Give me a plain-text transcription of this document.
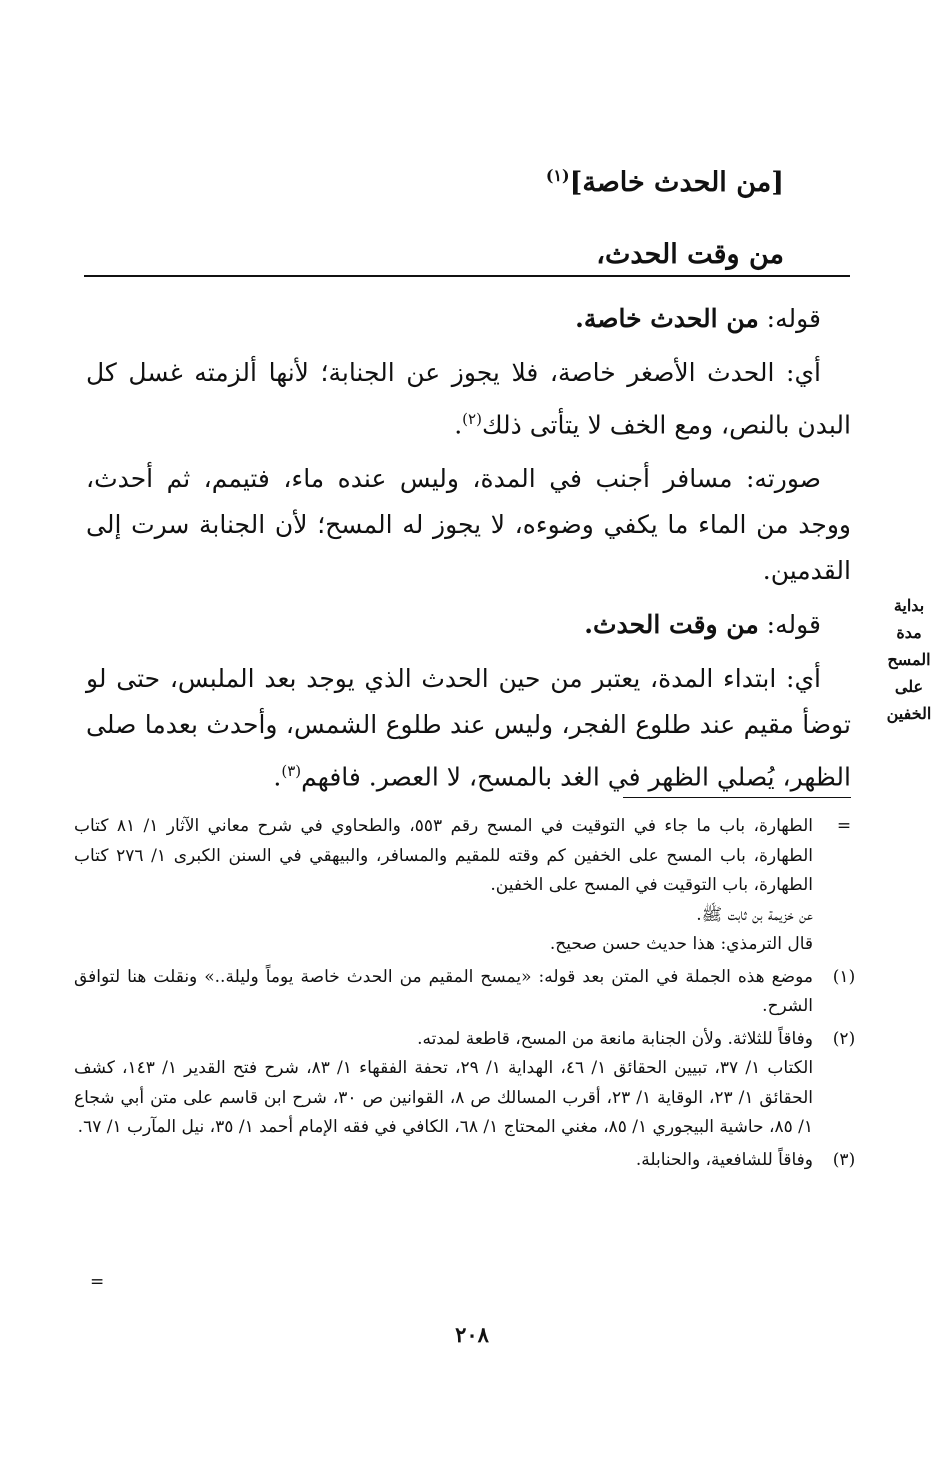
[من الحدث خاصة]$^{(١)}$
من وقت الحدث،

قوله: من الحدث خاصة.

أي: الحدث الأصغر خاصة، فلا يجوز عن الجنابة؛ لأنها ألزمته غسل كل البدن بالنص، ومع الخف لا يتأتى ذلك$^{(٢)}$.

صورته: مسافر أجنب في المدة، وليس عنده ماء، فتيمم، ثم أحدث، ووجد من الماء ما يكفي وضوءه، لا يجوز له المسح؛ لأن الجنابة سرت إلى القدمين.

قوله: من وقت الحدث.

أي: ابتداء المدة، يعتبر من حين الحدث الذي يوجد بعد الملبس، حتى لو توضأ مقيم عند طلوع الفجر، وليس عند طلوع الشمس، وأحدث بعدما صلى الظهر، يُصلي الظهر في الغد بالمسح، لا العصر. فافهم$^{(٣)}$.

بداية
مدة
المسح
على
الخفين
=

الطهارة، باب ما جاء في التوقيت في المسح رقم ٥٥٣، والطحاوي في شرح معاني الآثار ١/ ٨١ كتاب الطهارة، باب المسح على الخفين كم وقته للمقيم والمسافر، والبيهقي في السنن الكبرى ١/ ٢٧٦ كتاب الطهارة، باب التوقيت في المسح على الخفين.

عن خزيمة بن ثابت ﷺ.

قال الترمذي: هذا حديث حسن صحيح.

(١)

موضع هذه الجملة في المتن بعد قوله: «يمسح المقيم من الحدث خاصة يوماً وليلة..» ونقلت هنا لتوافق الشرح.

(٢)

وفاقاً للثلاثة. ولأن الجنابة مانعة من المسح، قاطعة لمدته.

الكتاب ١/ ٣٧، تبيين الحقائق ١/ ٤٦، الهداية ١/ ٢٩، تحفة الفقهاء ١/ ٨٣، شرح فتح القدير ١/ ١٤٣، كشف الحقائق ١/ ٢٣، الوقاية ١/ ٢٣، أقرب المسالك ص ٨، القوانين ص ٣٠، شرح ابن قاسم على متن أبي شجاع ١/ ٨٥، حاشية البيجوري ١/ ٨٥، مغني المحتاج ١/ ٦٨، الكافي في فقه الإمام أحمد ١/ ٣٥، نيل المآرب ١/ ٦٧.

(٣)

وفاقاً للشافعية، والحنابلة.

=
٢٠٨
